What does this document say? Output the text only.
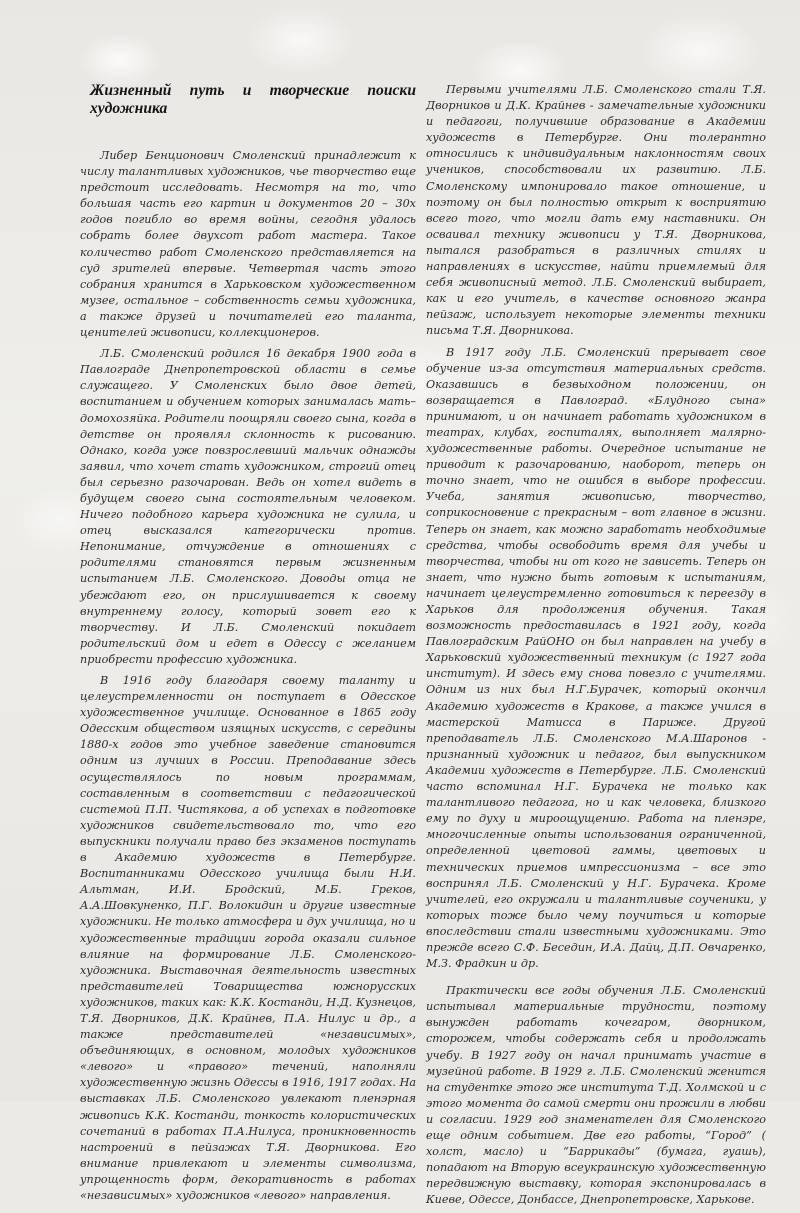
Жизненный путь и творческие поиски художника

Либер Бенционович Смоленский принадлежит к числу талантливых художников, чье творчество еще предстоит исследовать. Несмотря на то, что большая часть его картин и документов 20 – 30х годов погибло во время войны, сегодня удалось собрать более двухсот работ мастера. Такое количество работ Смоленского представляется на суд зрителей впервые. Четвертая часть этого собрания хранится в Харьковском художественном музее, остальное – собственность семьи художника, а также друзей и почитателей его таланта, ценителей живописи, коллекционеров.

Л.Б. Смоленский родился 16 декабря 1900 года в Павлограде Днепропетровской области в семье служащего. У Смоленских было двое детей, воспитанием и обучением которых занималась мать–домохозяйка. Родители поощряли своего сына, когда в детстве он проявлял склонность к рисованию. Однако, когда уже повзрослевший мальчик однажды заявил, что хочет стать художником, строгий отец был серьезно разочарован. Ведь он хотел видеть в будущем своего сына состоятельным человеком. Ничего подобного карьера художника не сулила, и отец высказался категорически против. Непонимание, отчуждение в отношениях с родителями становятся первым жизненным испытанием Л.Б. Смоленского. Доводы отца не убеждают его, он прислушивается к своему внутреннему голосу, который зовет его к творчеству. И Л.Б. Смоленский покидает родительский дом и едет в Одессу с желанием приобрести профессию художника.

В 1916 году благодаря своему таланту и целеустремленности он поступает в Одесское художественное училище. Основанное в 1865 году Одесским обществом изящных искусств, с середины 1880-х годов это учебное заведение становится одним из лучших в России. Преподавание здесь осуществлялось по новым программам, составленным в соответствии с педагогической системой П.П. Чистякова, а об успехах в подготовке художников свидетельствовало то, что его выпускники получали право без экзаменов поступать в Академию художеств в Петербурге. Воспитанниками Одесского училища были Н.И. Альтман, И.И. Бродский, М.Б. Греков, А.А.Шовкуненко, П.Г. Волокидин и другие известные художники. Не только атмосфера и дух училища, но и художественные традиции города оказали сильное влияние на формирование Л.Б. Смоленского-художника. Выставочная деятельность известных представителей Товарищества южнорусских художников, таких как: К.К. Костанди, Н.Д. Кузнецов, Т.Я. Дворников, Д.К. Крайнев, П.А. Нилус и др., а также представителей «независимых», объединяющих, в основном, молодых художников «левого» и «правого» течений, наполняли художественную жизнь Одессы в 1916, 1917 годах. На выставках Л.Б. Смоленского увлекают пленэрная живопись К.К. Костанди, тонкость колористических сочетаний в работах П.А.Нилуса, проникновенность настроений в пейзажах Т.Я. Дворникова. Его внимание привлекают и элементы символизма, упрощенность форм, декоративность в работах «независимых» художников «левого» направления.

Первыми учителями Л.Б. Смоленского стали Т.Я. Дворников и Д.К. Крайнев - замечательные художники и педагоги, получившие образование в Академии художеств в Петербурге. Они толерантно относились к индивидуальным наклонностям своих учеников, способствовали их развитию. Л.Б. Смоленскому импонировало такое отношение, и поэтому он был полностью открыт к восприятию всего того, что могли дать ему наставники. Он осваивал технику живописи у Т.Я. Дворникова, пытался разобраться в различных стилях и направлениях в искусстве, найти приемлемый для себя живописный метод. Л.Б. Смоленский выбирает, как и его учитель, в качестве основного жанра пейзаж, использует некоторые элементы техники письма Т.Я. Дворникова.

В 1917 году Л.Б. Смоленский прерывает свое обучение из-за отсутствия материальных средств. Оказавшись в безвыходном положении, он возвращается в Павлоград. «Блудного сына» принимают, и он начинает работать художником в театрах, клубах, госпиталях, выполняет малярно-художественные работы. Очередное испытание не приводит к разочарованию, наоборот, теперь он точно знает, что не ошибся в выборе профессии. Учеба, занятия живописью, творчество, соприкосновение с прекрасным – вот главное в жизни. Теперь он знает, как можно заработать необходимые средства, чтобы освободить время для учебы и творчества, чтобы ни от кого не зависеть. Теперь он знает, что нужно быть готовым к испытаниям, начинает целеустремленно готовиться к переезду в Харьков для продолжения обучения. Такая возможность предоставилась в 1921 году, когда Павлоградским РайОНО он был направлен на учебу в Харьковский художественный техникум (с 1927 года институт). И здесь ему снова повезло с учителями. Одним из них был Н.Г.Бурачек, который окончил Академию художеств в Кракове, а также учился в мастерской Матисса в Париже. Другой преподаватель Л.Б. Смоленского М.А.Шаронов - признанный художник и педагог, был выпускником Академии художеств в Петербурге. Л.Б. Смоленский часто вспоминал Н.Г. Бурачека не только как талантливого педагога, но и как человека, близкого ему по духу и мироощущению. Работа на пленэре, многочисленные опыты использования ограниченной, определенной цветовой гаммы, цветовых и технических приемов импрессионизма – все это воспринял Л.Б. Смоленский у Н.Г. Бурачека. Кроме учителей, его окружали и талантливые соученики, у которых тоже было чему поучиться и которые впоследствии стали известными художниками. Это прежде всего С.Ф. Беседин, И.А. Дайц, Д.П. Овчаренко, М.З. Фрадкин и др.

Практически все годы обучения Л.Б. Смоленский испытывал материальные трудности, поэтому вынужден работать кочегаром, дворником, сторожем, чтобы содержать себя и продолжать учебу. В 1927 году он начал принимать участие в музейной работе. В 1929 г. Л.Б. Смоленский женится на студентке этого же института Т.Д. Холмской и с этого момента до самой смерти они прожили в любви и согласии. 1929 год знаменателен для Смоленского еще одним событием. Две его работы, “Город” ( холст, масло) и “Баррикады” (бумага, гуашь), попадают на Вторую всеукраинскую художественную передвижную выставку, которая экспонировалась в Киеве, Одессе, Донбассе, Днепропетровске, Харькове.
